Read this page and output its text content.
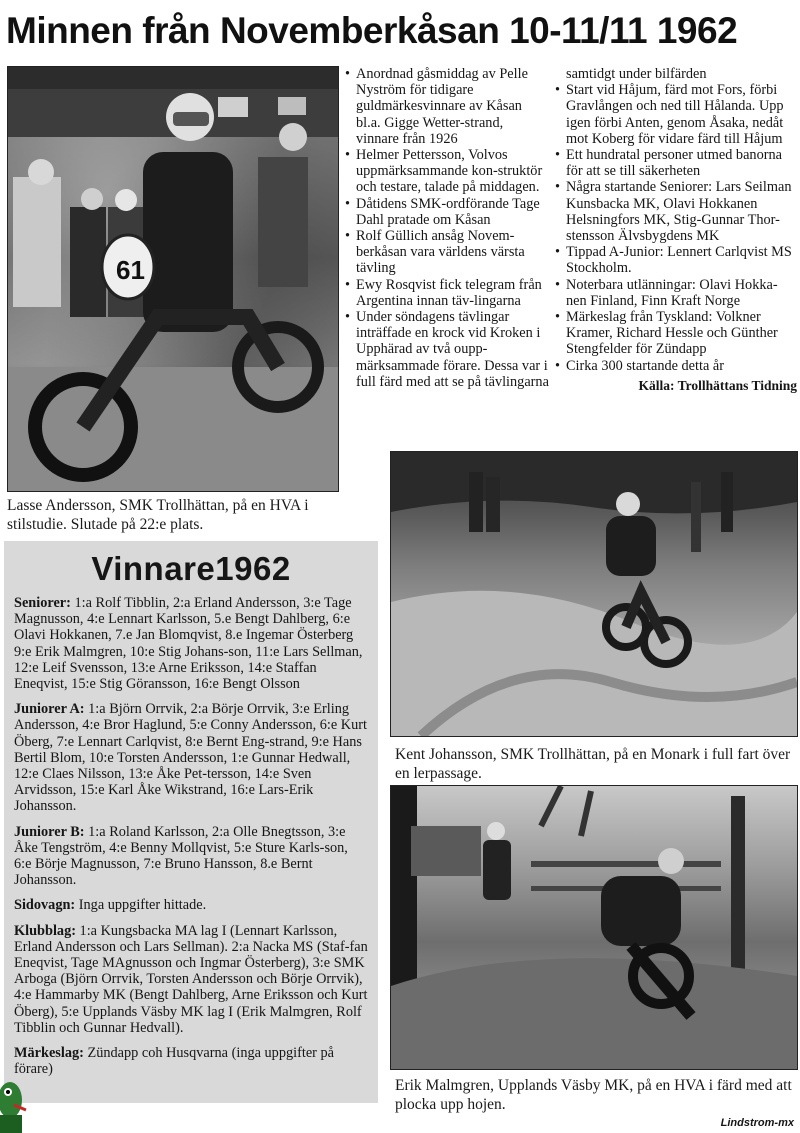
Minnen från Novemberkåsan 10-11/11 1962
61
Lasse Andersson, SMK Trollhättan, på en HVA i stilstudie. Slutade på 22:e plats.
• Anordnad gåsmiddag av Pelle Nyström för tidigare guldmärkesvinnare av Kåsan bl.a. Gigge Wetter-strand, vinnare från 1926
• Helmer Pettersson, Volvos uppmärksammande kon-struktör och testare, talade på middagen.
• Dåtidens SMK-ordförande Tage Dahl pratade om Kåsan
• Rolf Güllich ansåg Novem-berkåsan vara världens värsta tävling
• Ewy Rosqvist fick telegram från Argentina innan täv-lingarna
• Under söndagens tävlingar inträffade en krock vid Kroken i Upphärad av två ouppmärksammade förare. Dessa var i full färd med att se på tävlingarna
samtidgt under bilfärden
• Start vid Håjum, färd mot Fors, förbi Gravlången och ned till Hålanda. Upp igen förbi Anten, genom Åsaka, nedåt mot Koberg för vidare färd till Håjum
• Ett hundratal personer utmed banorna för att se till säkerheten
• Några startande Seniorer: Lars Seilman Kunsbacka MK, Olavi Hokkanen Helsningfors MK, Stig-Gunnar Thor-stensson Älvsbygdens MK
• Tippad A-Junior: Lennert Carlqvist MS Stockholm.
• Noterbara utlänningar: Olavi Hokka-nen Finland, Finn Kraft Norge
• Märkeslag från Tyskland: Volkner Kramer, Richard Hessle och Günther Stengfelder för Zündapp
• Cirka 300 startande detta år
Källa: Trollhättans Tidning
Kent Johansson, SMK Trollhättan, på en Monark i full fart över en lerpassage.
Erik Malmgren, Upplands Väsby MK, på en HVA i färd med att plocka upp hojen.
Vinnare1962

Seniorer: 1:a Rolf Tibblin, 2:a Erland Andersson, 3:e Tage Magnusson, 4:e Lennart Karlsson, 5.e Bengt Dahlberg, 6:e Olavi Hokkanen, 7.e Jan Blomqvist, 8.e Ingemar Österberg 9:e Erik Malmgren, 10:e Stig Johans-son, 11:e Lars Sellman, 12:e Leif Svensson, 13:e Arne Eriksson, 14:e Staffan Eneqvist, 15:e Stig Göransson, 16:e Bengt Olsson

Juniorer A: 1:a Björn Orrvik, 2:a Börje Orrvik, 3:e Erling Andersson, 4:e Bror Haglund, 5:e Conny Andersson, 6:e Kurt Öberg, 7:e Lennart Carlqvist, 8:e Bernt Eng-strand, 9:e Hans Bertil Blom, 10:e Torsten Andersson, 1:e Gunnar Hedwall, 12:e Claes Nilsson, 13:e Åke Pet-tersson, 14:e Sven Arvidsson, 15:e Karl Åke Wikstrand, 16:e Lars-Erik Johansson.

Juniorer B: 1:a Roland Karlsson, 2:a Olle Bnegtsson, 3:e Åke Tengström, 4:e Benny Mollqvist, 5:e Sture Karls-son, 6:e Börje Magnusson, 7:e Bruno Hansson, 8.e Bernt Johansson.

Sidovagn: Inga uppgifter hittade.

Klubblag: 1:a Kungsbacka MA lag I (Lennart Karlsson, Erland Andersson och Lars Sellman). 2:a Nacka MS (Staf-fan Eneqvist, Tage MAgnusson och Ingmar Österberg), 3:e SMK Arboga (Björn Orrvik, Torsten Andersson och Börje Orrvik), 4:e Hammarby MK (Bengt Dahlberg, Arne Eriksson och Kurt Öberg), 5:e Upplands Väsby MK lag I (Erik Malmgren, Rolf Tibblin och Gunnar Hedvall).

Märkeslag: Zündapp coh Husqvarna (inga uppgifter på förare)

Lindstrom-mx
